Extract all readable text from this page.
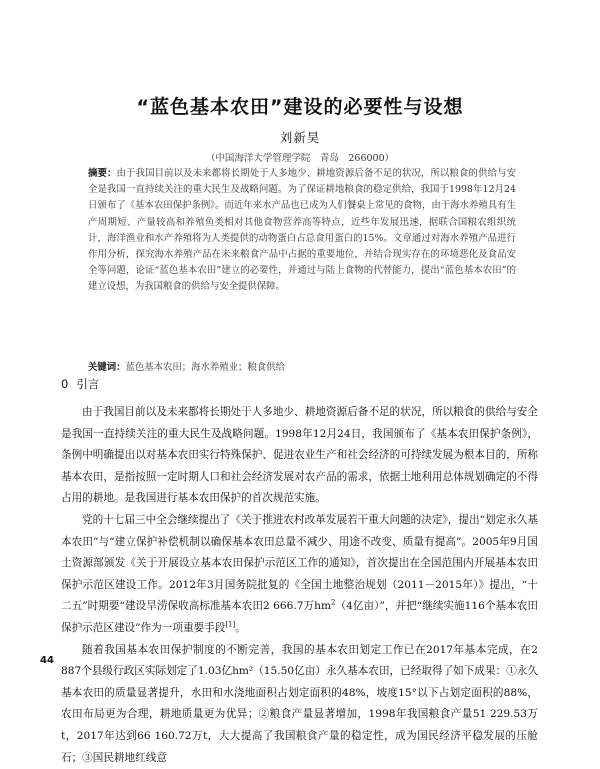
“蓝色基本农田”建设的必要性与设想
刘新昊
（中国海洋大学管理学院　青岛　266000）
摘要：由于我国目前以及未来都将长期处于人多地少、耕地资源后备不足的状况，所以粮食的供给与安全是我国一直持续关注的重大民生及战略问题。为了保证耕地粮食的稳定供给，我国于1998年12月24日颁布了《基本农田保护条例》。而近年来水产品也已成为人们餐桌上常见的食物，由于海水养殖具有生产周期短、产量较高和养殖鱼类相对其他食物营养高等特点，近些年发展迅速，据联合国粮农组织统计，海洋渔业和水产养殖将为人类提供的动物蛋白占总食用蛋白的15%。文章通过对海水养殖产品进行作用分析，探究海水养殖产品在未来粮食产品中占据的重要地位，并结合现实存在的环境恶化及食品安全等问题，论证“蓝色基本农田”建立的必要性，并通过与陆上食物的代替能力，提出“蓝色基本农田”的建立设想，为我国粮食的供给与安全提供保障。
关键词：蓝色基本农田；海水养殖业；粮食供给
0 引言

由于我国目前以及未来都将长期处于人多地少、耕地资源后备不足的状况，所以粮食的供给与安全是我国一直持续关注的重大民生及战略问题。1998年12月24日，我国颁布了《基本农田保护条例》，条例中明确提出以对基本农田实行特殊保护、促进农业生产和社会经济的可持续发展为根本目的，所称基本农田，是指按照一定时期人口和社会经济发展对农产品的需求，依据土地利用总体规划确定的不得占用的耕地。是我国进行基本农田保护的首次规范实施。

党的十七届三中全会继续提出了《关于推进农村改革发展若干重大问题的决定》，提出“划定永久基本农田”与“建立保护补偿机制以确保基本农田总量不减少、用途不改变、质量有提高”。2005年9月国土资源部颁发《关于开展设立基本农田保护示范区工作的通知》，首次提出在全国范围内开展基本农田保护示范区建设工作。2012年3月国务院批复的《全国土地整治规划（2011－2015年）》提出，“十二五”时期要“建设旱涝保收高标准基本农田2 666.7万$hm^2(4$亿亩）”，并把“继续实施116个基本农田保护示范区建设”作为一项重要手段[1]。

随着我国基本农田保护制度的不断完善，我国的基本农田划定工作已在2017年基本完成，在2 887个县级行政区实际划定了1.03亿hm²（15.50亿亩）永久基本农田，已经取得了如下成果：①永久基本农田的质量显著提升，水田和水浇地面积占划定面积的48%，坡度15°以下占划定面积的88%，农田布局更为合理，耕地质量更为优异；②粮食产量显著增加，1998年我国粮食产量51 229.53万t，2017年达到66 160.72万t，大大提高了我国粮食产量的稳定性，成为国民经济平稳发展的压舱石；③国民耕地红线意

44
